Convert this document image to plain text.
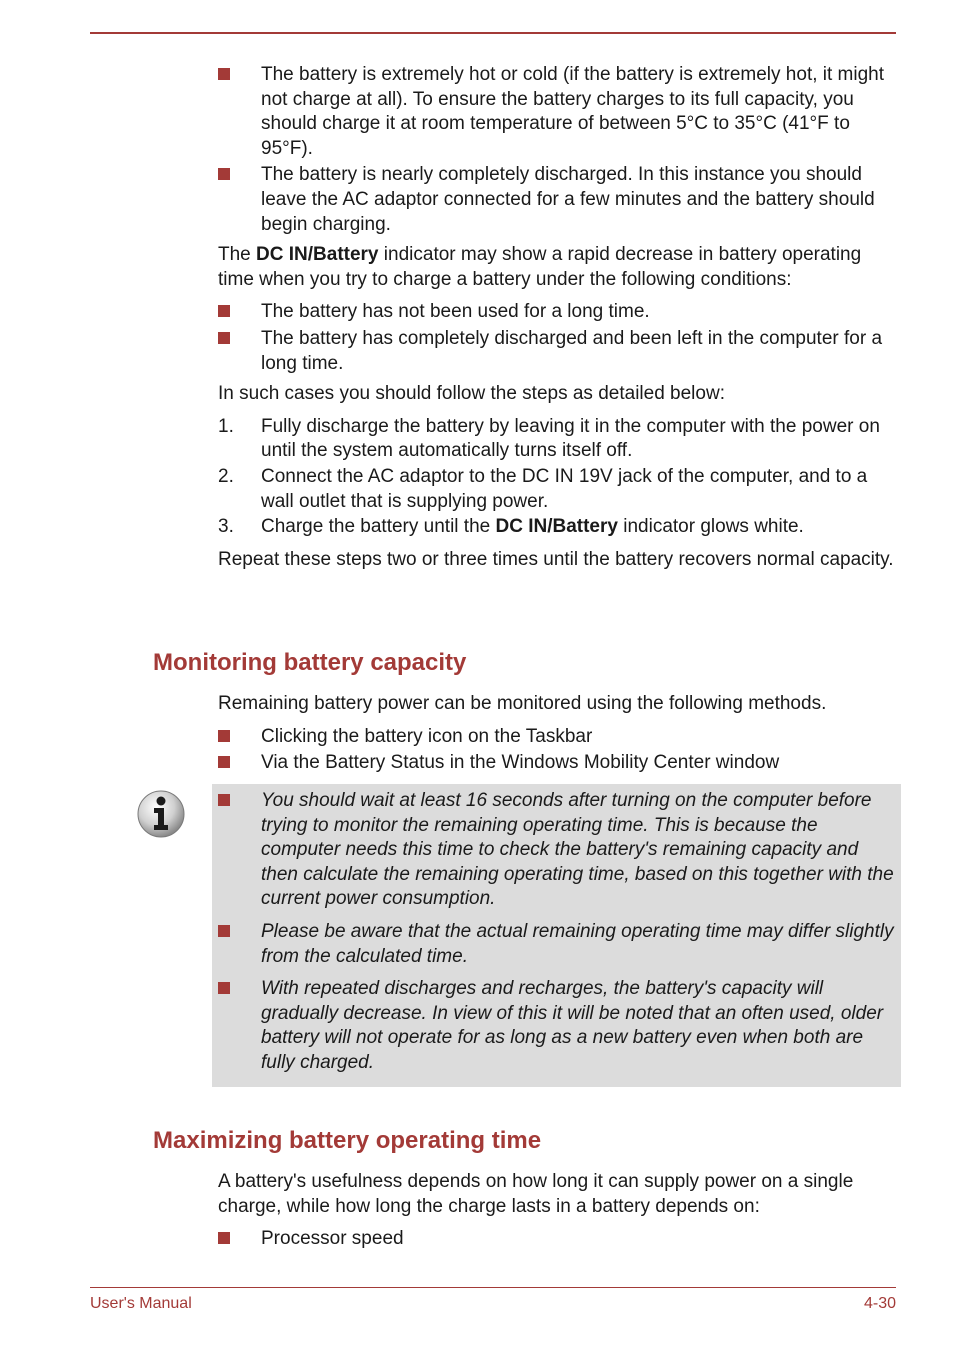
The battery is extremely hot or cold (if the battery is extremely hot, it might not charge at all). To ensure the battery charges to its full capacity, you should charge it at room temperature of between 5°C to 35°C (41°F to 95°F).
The battery is nearly completely discharged. In this instance you should leave the AC adaptor connected for a few minutes and the battery should begin charging.

The DC IN/Battery indicator may show a rapid decrease in battery operating time when you try to charge a battery under the following conditions:

The battery has not been used for a long time.
The battery has completely discharged and been left in the computer for a long time.

In such cases you should follow the steps as detailed below:

1. Fully discharge the battery by leaving it in the computer with the power on until the system automatically turns itself off.
2. Connect the AC adaptor to the DC IN 19V jack of the computer, and to a wall outlet that is supplying power.
3. Charge the battery until the DC IN/Battery indicator glows white.

Repeat these steps two or three times until the battery recovers normal capacity.

Monitoring battery capacity

Remaining battery power can be monitored using the following methods.

Clicking the battery icon on the Taskbar
Via the Battery Status in the Windows Mobility Center window
You should wait at least 16 seconds after turning on the computer before trying to monitor the remaining operating time. This is because the computer needs this time to check the battery's remaining capacity and then calculate the remaining operating time, based on this together with the current power consumption.
Please be aware that the actual remaining operating time may differ slightly from the calculated time.
With repeated discharges and recharges, the battery's capacity will gradually decrease. In view of this it will be noted that an often used, older battery will not operate for as long as a new battery even when both are fully charged.
Maximizing battery operating time

A battery's usefulness depends on how long it can supply power on a single charge, while how long the charge lasts in a battery depends on:

Processor speed
User's Manual	4-30
